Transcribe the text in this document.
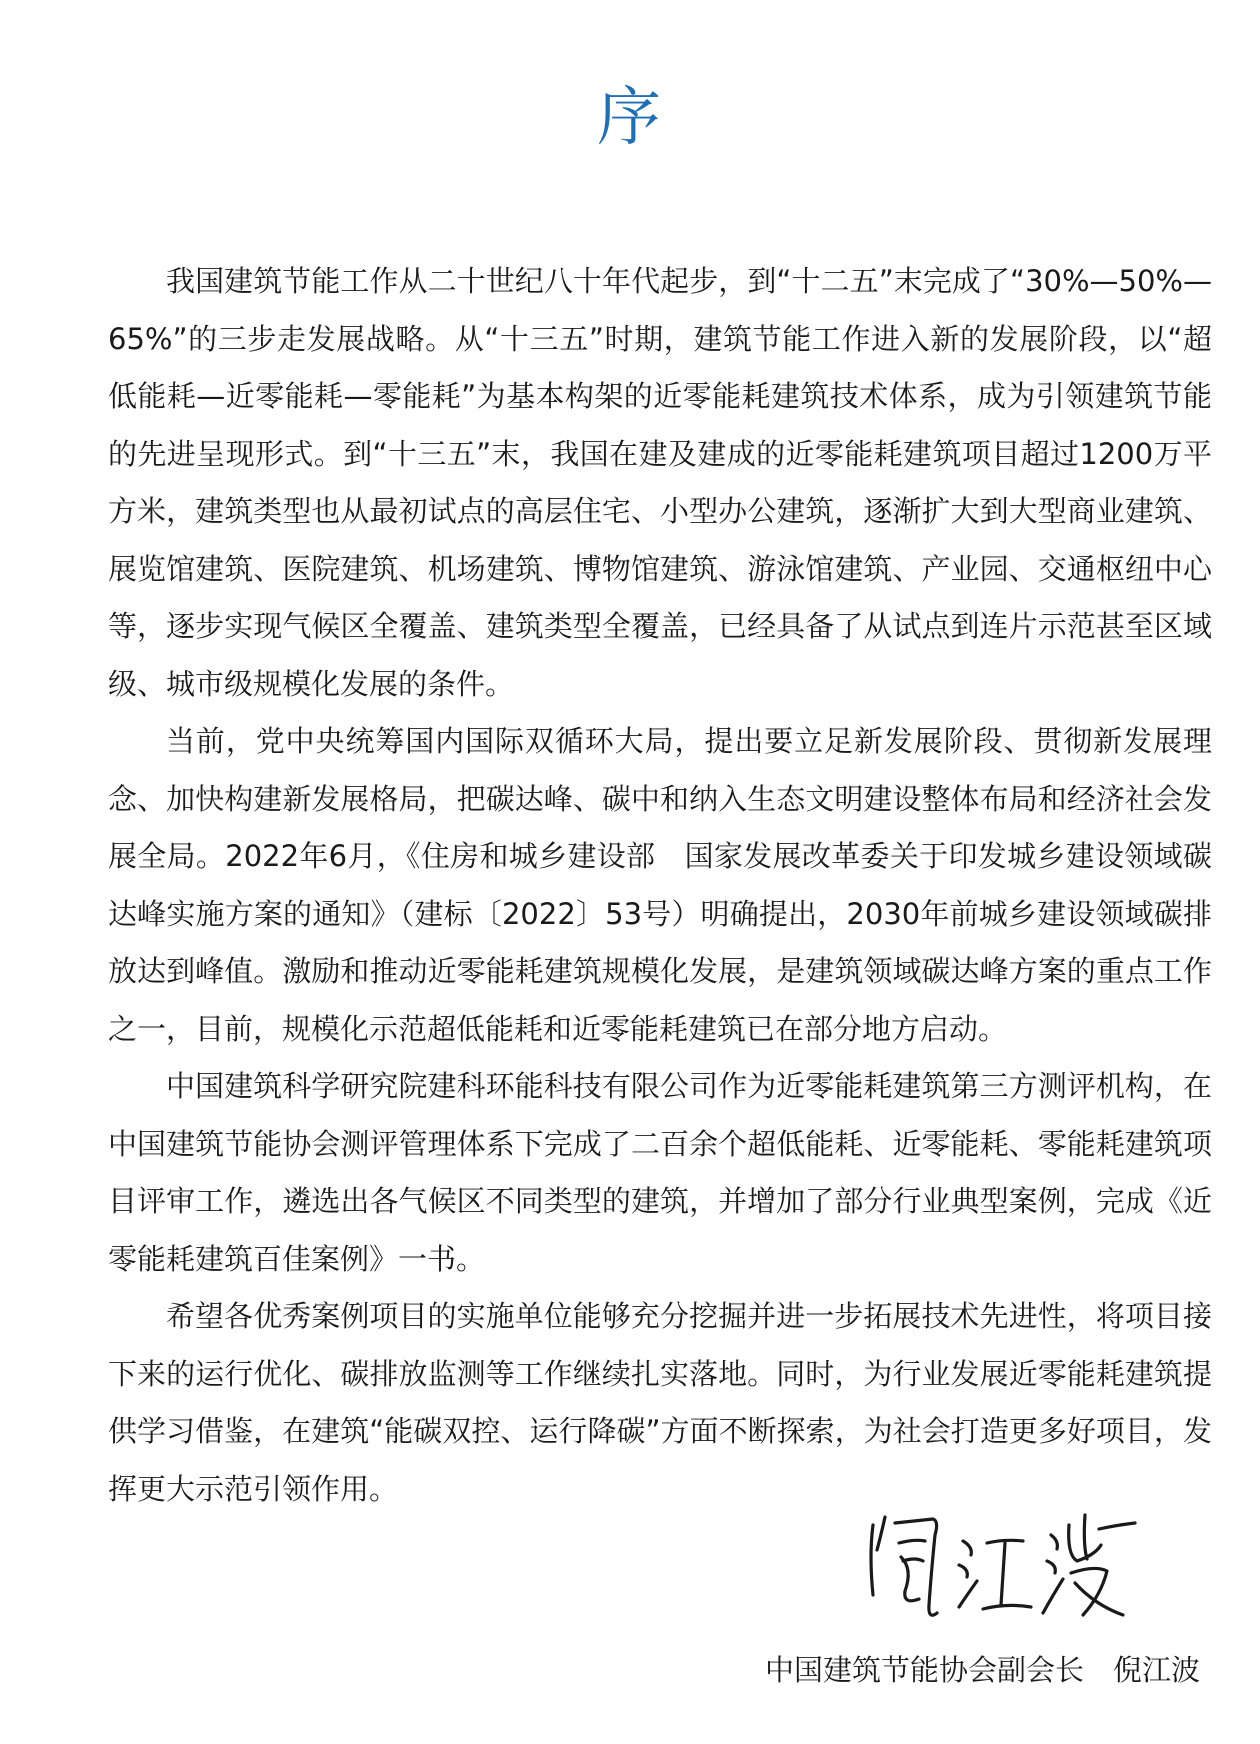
序

我国建筑节能工作从二十世纪八十年代起步，到“十二五”末完成了“30%—50%—65%”的三步走发展战略。从“十三五”时期，建筑节能工作进入新的发展阶段，以“超低能耗—近零能耗—零能耗”为基本构架的近零能耗建筑技术体系，成为引领建筑节能的先进呈现形式。到“十三五”末，我国在建及建成的近零能耗建筑项目超过1200万平方米，建筑类型也从最初试点的高层住宅、小型办公建筑，逐渐扩大到大型商业建筑、展览馆建筑、医院建筑、机场建筑、博物馆建筑、游泳馆建筑、产业园、交通枢纽中心等，逐步实现气候区全覆盖、建筑类型全覆盖，已经具备了从试点到连片示范甚至区域级、城市级规模化发展的条件。

当前，党中央统筹国内国际双循环大局，提出要立足新发展阶段、贯彻新发展理念、加快构建新发展格局，把碳达峰、碳中和纳入生态文明建设整体布局和经济社会发展全局。2022年6月，《住房和城乡建设部　国家发展改革委关于印发城乡建设领域碳达峰实施方案的通知》（建标〔2022〕53号）明确提出，2030年前城乡建设领域碳排放达到峰值。激励和推动近零能耗建筑规模化发展，是建筑领域碳达峰方案的重点工作之一，目前，规模化示范超低能耗和近零能耗建筑已在部分地方启动。

中国建筑科学研究院建科环能科技有限公司作为近零能耗建筑第三方测评机构，在中国建筑节能协会测评管理体系下完成了二百余个超低能耗、近零能耗、零能耗建筑项目评审工作，遴选出各气候区不同类型的建筑，并增加了部分行业典型案例，完成《近零能耗建筑百佳案例》一书。

希望各优秀案例项目的实施单位能够充分挖掘并进一步拓展技术先进性，将项目接下来的运行优化、碳排放监测等工作继续扎实落地。同时，为行业发展近零能耗建筑提供学习借鉴，在建筑“能碳双控、运行降碳”方面不断探索，为社会打造更多好项目，发挥更大示范引领作用。

中国建筑节能协会副会长　倪江波
